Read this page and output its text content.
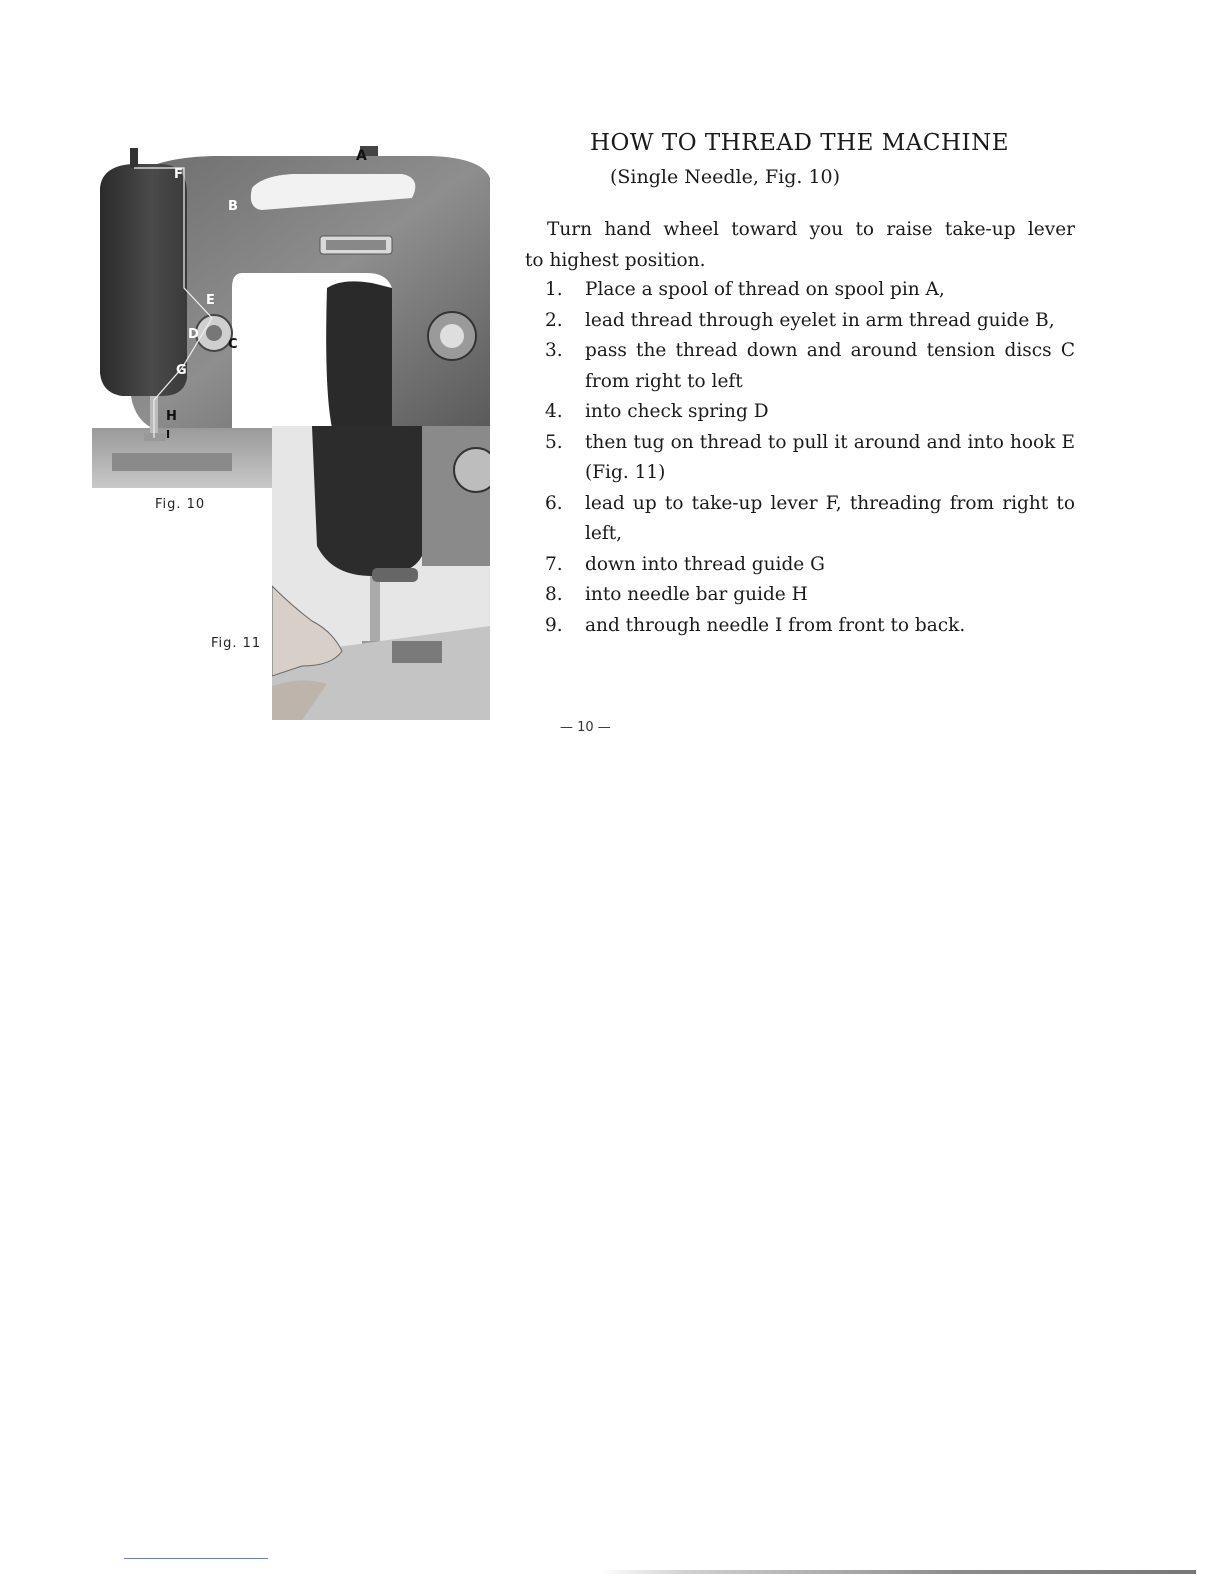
A
B
C
D
E
F
G
H
I
Fig. 10
Fig. 11
HOW TO THREAD THE MACHINE
(Single Needle, Fig. 10)
Turn hand wheel toward you to raise take-up lever
to highest position.
1.	Place a spool of thread on spool pin A,
2.	lead thread through eyelet in arm thread guide B,
3.	pass the thread down and around tension discs C from right to left
4.	into check spring D
5.	then tug on thread to pull it around and into hook E (Fig. 11)
6.	lead up to take-up lever F, threading from right to left,
7.	down into thread guide G
8.	into needle bar guide H
9.	and through needle I from front to back.
— 10 —
